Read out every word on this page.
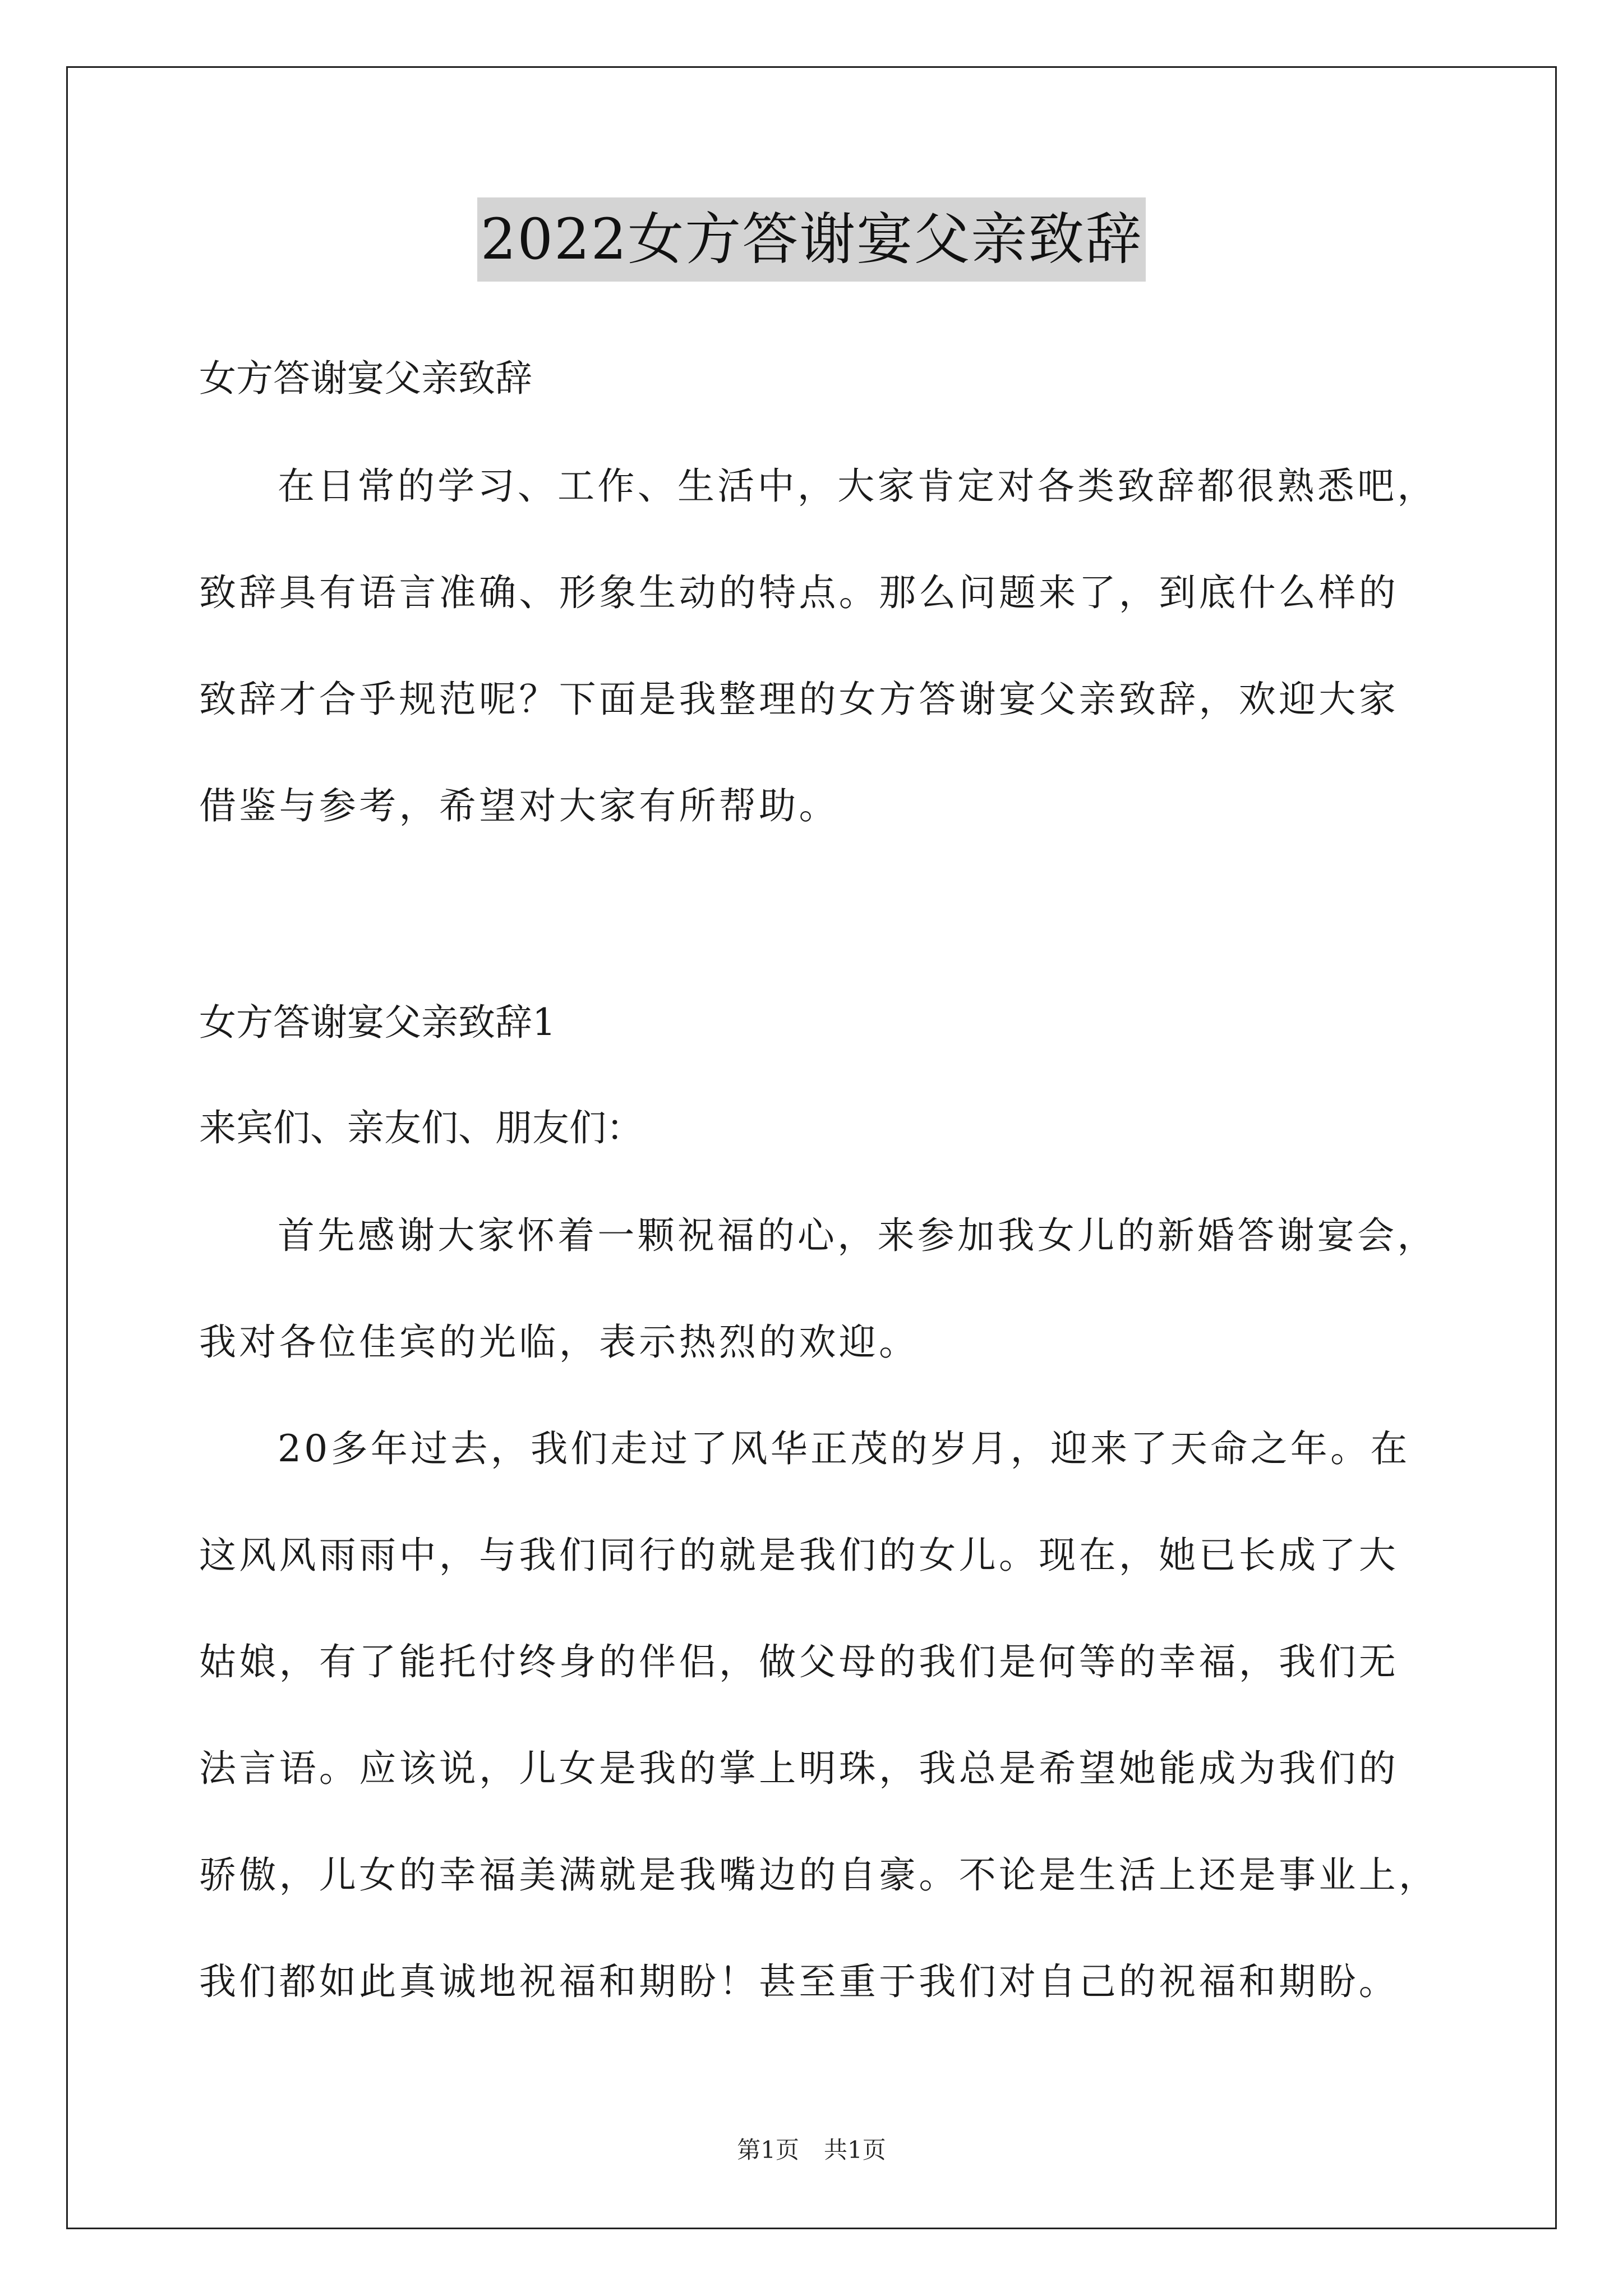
2022女方答谢宴父亲致辞
女方答谢宴父亲致辞
在日常的学习、工作、生活中，大家肯定对各类致辞都很熟悉吧，
致辞具有语言准确、形象生动的特点。那么问题来了，到底什么样的
致辞才合乎规范呢？下面是我整理的女方答谢宴父亲致辞，欢迎大家
借鉴与参考，希望对大家有所帮助。
女方答谢宴父亲致辞1
来宾们、亲友们、朋友们：
首先感谢大家怀着一颗祝福的心，来参加我女儿的新婚答谢宴会，
我对各位佳宾的光临，表示热烈的欢迎。
20多年过去，我们走过了风华正茂的岁月，迎来了天命之年。在
这风风雨雨中，与我们同行的就是我们的女儿。现在，她已长成了大
姑娘，有了能托付终身的伴侣，做父母的我们是何等的幸福，我们无
法言语。应该说，儿女是我的掌上明珠，我总是希望她能成为我们的
骄傲，儿女的幸福美满就是我嘴边的自豪。不论是生活上还是事业上，
我们都如此真诚地祝福和期盼！甚至重于我们对自己的祝福和期盼。
第1页 共1页
